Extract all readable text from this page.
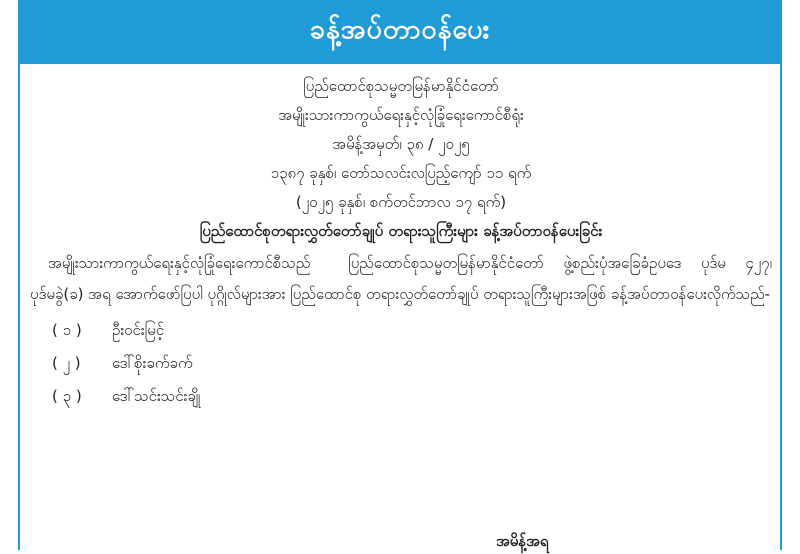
ခန့်အပ်တာဝန်ပေး
ပြည်ထောင်စုသမ္မတမြန်မာနိုင်ငံတော်
အမျိုးသားကာကွယ်ရေးနှင့်လုံခြုံရေးကောင်စီရုံး
အမိန့်အမှတ်၊ ၃၈ / ၂၀၂၅
၁၃၈၇ ခုနှစ်၊ တော်သလင်းလပြည့်ကျော် ၁၁ ရက်
(၂၀၂၅ ခုနှစ်၊ စက်တင်ဘာလ ၁၇ ရက်)
ပြည်ထောင်စုတရားလွှတ်တော်ချုပ် တရားသူကြီးများ ခန့်အပ်တာဝန်ပေးခြင်း
အမျိုးသားကာကွယ်ရေးနှင့်လုံခြုံရေးကောင်စီသည်	ပြည်ထောင်စုသမ္မတမြန်မာနိုင်ငံတော် ဖွဲ့စည်းပုံအခြေခံဥပဒေ ပုဒ်မ ၄၂၇၊ ပုဒ်မခွဲ(ခ) အရ အောက်ဖော်ပြပါ ပုဂ္ဂိုလ်များအား ပြည်ထောင်စု တရားလွှတ်တော်ချုပ် တရားသူကြီးများအဖြစ် ခန့်အပ်တာဝန်ပေးလိုက်သည်-
( ၁ ) ဦးဝင်းမြင့်
( ၂ ) ဒေါ်စိုးခက်ခက်
( ၃ ) ဒေါ်သင်းသင်းချို
အမိန့်အရ
